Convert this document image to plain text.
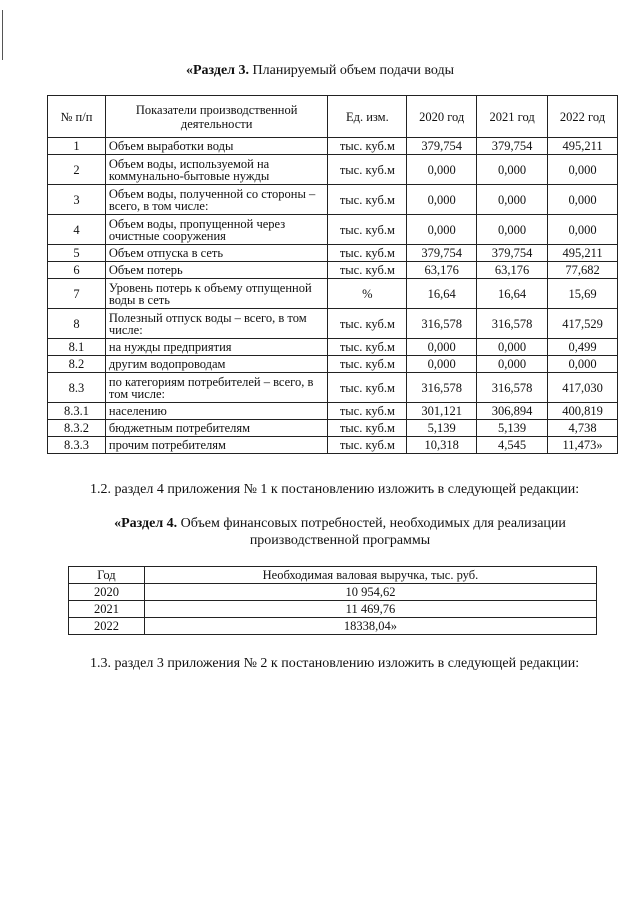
«Раздел 3. Планируемый объем подачи воды
№ п/п	Показатели производственной деятельности	Ед. изм.	2020 год	2021 год	2022 год
1	Объем выработки воды	тыс. куб.м	379,754	379,754	495,211
2	Объем воды, используемой на коммунально-бытовые нужды	тыс. куб.м	0,000	0,000	0,000
3	Объем воды, полученной со стороны – всего, в том числе:	тыс. куб.м	0,000	0,000	0,000
4	Объем воды, пропущенной через очистные сооружения	тыс. куб.м	0,000	0,000	0,000
5	Объем отпуска в сеть	тыс. куб.м	379,754	379,754	495,211
6	Объем потерь	тыс. куб.м	63,176	63,176	77,682
7	Уровень потерь к объему отпущенной воды в сеть	%	16,64	16,64	15,69
8	Полезный отпуск воды – всего, в том числе:	тыс. куб.м	316,578	316,578	417,529
8.1	на нужды предприятия	тыс. куб.м	0,000	0,000	0,499
8.2	другим водопроводам	тыс. куб.м	0,000	0,000	0,000
8.3	по категориям потребителей – всего, в том числе:	тыс. куб.м	316,578	316,578	417,030
8.3.1	населению	тыс. куб.м	301,121	306,894	400,819
8.3.2	бюджетным потребителям	тыс. куб.м	5,139	5,139	4,738
8.3.3	прочим потребителям	тыс. куб.м	10,318	4,545	11,473»
1.2. раздел 4 приложения № 1 к постановлению изложить в следующей редакции:
«Раздел 4. Объем финансовых потребностей, необходимых для реализации
производственной программы
Год	Необходимая валовая выручка, тыс. руб.
2020	10 954,62
2021	11 469,76
2022	18338,04»
1.3. раздел 3 приложения № 2 к постановлению изложить в следующей редакции:
